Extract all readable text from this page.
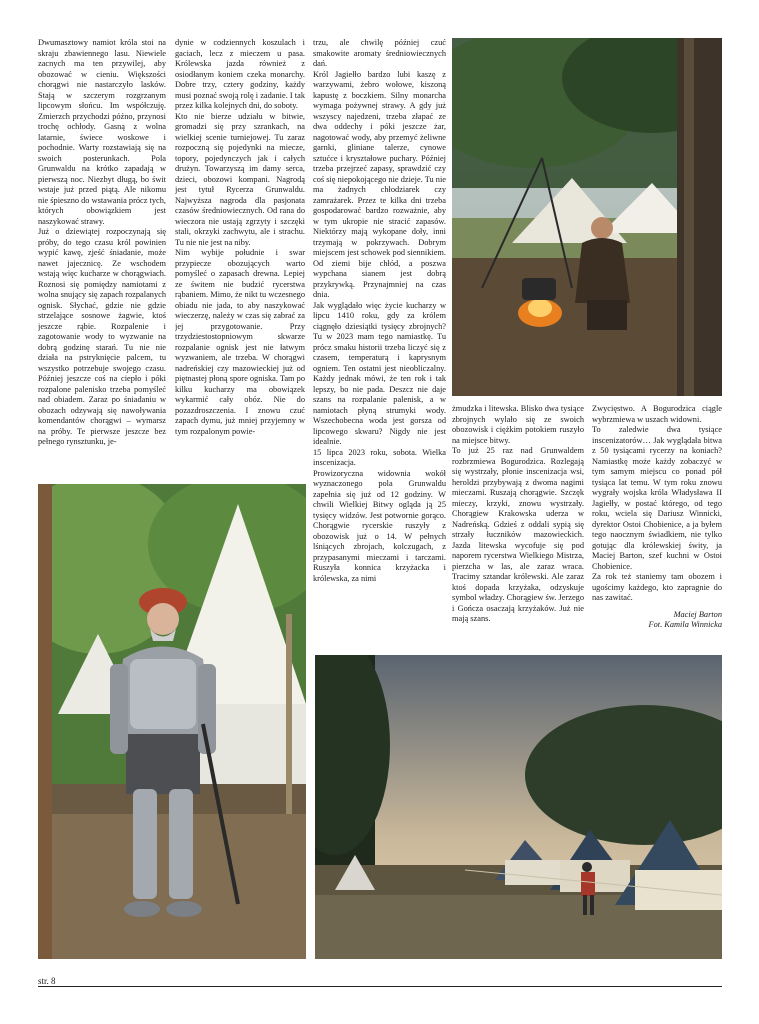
Dwumasztowy namiot króla stoi na skraju zbawiennego lasu. Niewiele zacnych ma ten przywilej, aby obozować w cieniu. Większości chorągwi nie nastarczyło lasków. Stają w szczerym rozgrzanym lipcowym słońcu. Im współczuję. Zmierzch przychodzi późno, przynosi trochę ochłody. Gasną z wolna latarnie, świece woskowe i pochodnie. Warty rozstawiają się na swoich posterunkach. Pola Grunwaldu na krótko zapadają w pierwszą noc. Niezbyt długą, bo świt wstaje już przed piątą. Ale nikomu nie śpieszno do wstawania prócz tych, których obowiązkiem jest naszykować strawy.

Już o dziewiątej rozpoczynają się próby, do tego czasu król powinien wypić kawę, zjeść śniadanie, może nawet jajecznicę. Ze wschodem wstają więc kucharze w chorągwiach. Roznosi się pomiędzy namiotami z wolna snujący się zapach rozpalanych ognisk. Słychać, gdzie nie gdzie strzelające sosnowe żagwie, ktoś jeszcze rąbie. Rozpalenie i zagotowanie wody to wyzwanie na dobrą godzinę starań. Tu nie nie działa na pstryknięcie palcem, tu wszystko potrzebuje swojego czasu. Później jeszcze coś na ciepło i póki rozpalone palenisko trzeba pomyśleć nad obiadem. Zaraz po śniadaniu w obozach odzywają się nawoływania komendantów chorągwi – wymarsz na próby. Te pierwsze jeszcze bez pełnego rynsztunku, je-

dynie w codziennych koszulach i gaciach, lecz z mieczem u pasa. Królewska jazda również z osiodłanym koniem czeka monarchy. Dobre trzy, cztery godziny, każdy musi poznać swoją rolę i zadanie. I tak przez kilka kolejnych dni, do soboty.

Kto nie bierze udziału w bitwie, gromadzi się przy szrankach, na wielkiej scenie turniejowej. Tu zaraz rozpoczną się pojedynki na miecze, topory, pojedynczych jak i całych drużyn. Towarzyszą im damy serca, dzieci, obozowi kompani. Nagrodą jest tytuł Rycerza Grunwaldu. Najwyższa nagroda dla pasjonata czasów średniowiecznych. Od rana do wieczora nie ustają zgrzyty i szczęki stali, okrzyki zachwytu, ale i strachu. Tu nie nie jest na niby.

Nim wybije południe i swar przypiecze obozujących warto pomyśleć o zapasach drewna. Lepiej ze świtem nie budzić rycerstwa rąbaniem. Mimo, że nikt tu wczesnego obiadu nie jada, to aby naszykować wieczerzę, należy w czas się zabrać za jej przygotowanie. Przy trzydziestostopniowym skwarze rozpalanie ognisk jest nie łatwym wyzwaniem, ale trzeba. W chorągwi nadreńskiej czy mazowieckiej już od piętnastej płoną spore ogniska. Tam po kilku kucharzy ma obowiązek wykarmić cały obóz. Nie do pozazdroszczenia. I znowu czuć zapach dymu, już mniej przyjemny w tym rozpalonym powie-

trzu, ale chwilę później czuć smakowite aromaty średniowiecznych dań.

Król Jagiełło bardzo lubi kaszę z warzywami, żebro wołowe, kiszoną kapustę z boczkiem. Silny monarcha wymaga pożywnej strawy. A gdy już wszyscy najedzeni, trzeba złapać ze dwa oddechy i póki jeszcze żar, nagotować wody, aby przemyć żeliwne garnki, gliniane talerze, cynowe sztućce i kryształowe puchary. Później trzeba przejrzeć zapasy, sprawdzić czy coś się niepokojącego nie dzieje. Tu nie ma żadnych chłodziarek czy zamrażarek. Przez te kilka dni trzeba gospodarować bardzo rozważnie, aby w tym ukropie nie stracić zapasów. Niektórzy mają wykopane doły, inni trzymają w pokrzywach. Dobrym miejscem jest schowek pod siennikiem. Od ziemi bije chłód, a poszwa wypchana sianem jest dobrą przykrywką. Przynajmniej na czas dnia.

Jak wyglądało więc życie kucharzy w lipcu 1410 roku, gdy za królem ciągnęło dziesiątki tysięcy zbrojnych? Tu w 2023 mam tego namiastkę. Tu prócz smaku historii trzeba liczyć się z czasem, temperaturą i kaprysnym ogniem. Ten ostatni jest nieobliczalny. Każdy jednak mówi, że ten rok i tak lepszy, bo nie pada. Deszcz nie daje szans na rozpalanie palenisk, a w namiotach płyną strumyki wody. Wszechobecna woda jest gorsza od lipcowego skwaru? Nigdy nie jest idealnie.

15 lipca 2023 roku, sobota. Wielka inscenizacja.

Prowizoryczna widownia wokół wyznaczonego pola Grunwaldu zapełnia się już od 12 godziny. W chwili Wielkiej Bitwy ogląda ją 25 tysięcy widzów. Jest potwornie gorąco. Chorągwie rycerskie ruszyły z obozowisk już o 14. W pełnych lśniących zbrojach, kolczugach, z przypasanymi mieczami i tarczami. Ruszyła konnica krzyżacka i królewska, za nimi

żmudzka i litewska. Blisko dwa tysiące zbrojnych wylało się ze swoich obozowisk i ciężkim potokiem ruszyło na miejsce bitwy.

To już 25 raz nad Grunwaldem rozbrzmiewa Bogurodzica. Rozlegają się wystrzały, płonie inscenizacja wsi, heroldzi przybywają z dwoma nagimi mieczami. Ruszają chorągwie. Szczęk mieczy, krzyki, znowu wystrzały. Chorągiew Krakowska uderza w Nadreńską. Gdzieś z oddali sypią się strzały łuczników mazowieckich. Jazda litewska wycofuje się pod naporem rycerstwa Wielkiego Mistrza, pierzcha w las, ale zaraz wraca. Tracimy sztandar królewski. Ale zaraz ktoś dopada krzyżaka, odzyskuje symbol władzy. Chorągiew św. Jerzego i Gończa osaczają krzyżaków. Już nie mają szans.

Zwycięstwo. A Bogurodzica ciągle wybrzmiewa w uszach widowni.

To zaledwie dwa tysiące inscenizatorów… Jak wyglądała bitwa z 50 tysiącami rycerzy na koniach? Namiastkę może każdy zobaczyć w tym samym miejscu co ponad pół tysiąca lat temu. W tym roku znowu wygrały wojska króla Władysława II Jagiełły, w postać którego, od tego roku, wciela się Dariusz Winnicki, dyrektor Ostoi Chobienice, a ja byłem tego naocznym świadkiem, nie tylko gotując dla królewskiej świty, ja Maciej Barton, szef kuchni w Ostoi Chobienice.

Za rok też staniemy tam obozem i ugościmy każdego, kto zapragnie do nas zawitać.

Maciej Barton

Fot. Kamila Winnicka

str. 8
